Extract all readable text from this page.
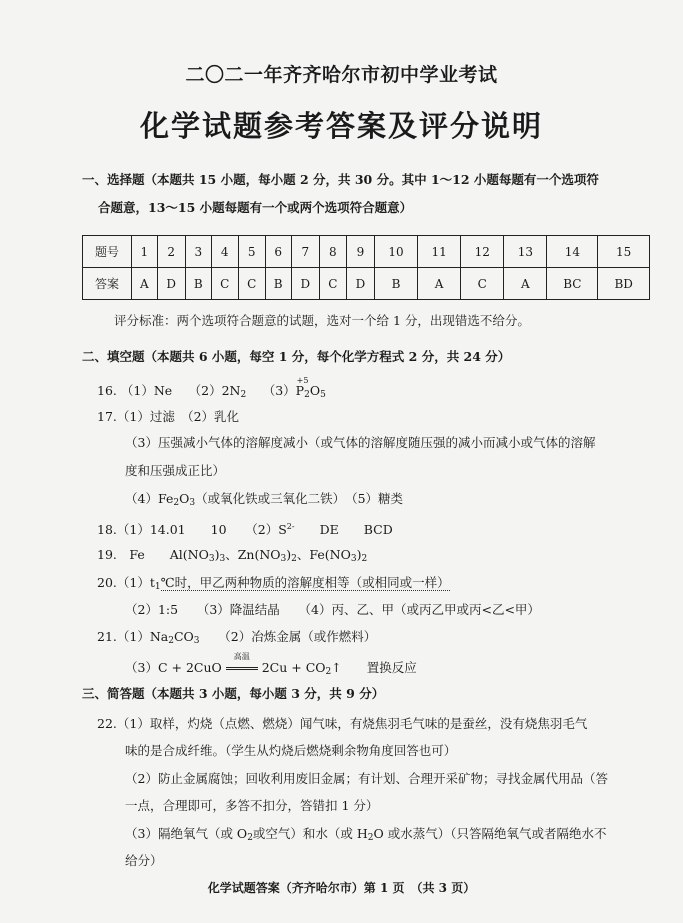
二〇二一年齐齐哈尔市初中学业考试
化学试题参考答案及评分说明
一、选择题（本题共 15 小题，每小题 2 分，共 30 分。其中 1～12 小题每题有一个选项符
合题意，13～15 小题每题有一个或两个选项符合题意）
题号	1	2	3	4	5	6	7	8	9	10	11	12	13	14	15
答案	A	D	B	C	C	B	D	C	D	B	A	C	A	BC	BD
评分标准：两个选项符合题意的试题，选对一个给 1 分，出现错选不给分。
二、填空题（本题共 6 小题，每空 1 分，每个化学方程式 2 分，共 24 分）
16. （1）Ne　 $(2)2N_2$　 （3）
+5
$P_2O_5$
17.（1）过滤　（2）乳化
（3）压强减小气体的溶解度减小（或气体的溶解度随压强的减小而减小或气体的溶解
度和压强成正比）
$(4)Fe_2O_3$（或氧化铁或三氧化二铁）　（5）糖类
18.（1）14.01　　10　　$(2)S^{2-}$　　DE　　BCD
19.　Fe　　$Al(NO_3)_3$、$Zn(NO_3)_2$、$Fe(NO_3)_2$
$20.(1)t_1℃$时，甲乙两种物质的溶解度相等（或相同或一样）
（2）1:5　　（3）降温结晶　　（4）丙、乙、甲（或丙乙甲或丙<乙<甲）
$21.(1)Na_2CO_3$　　（2）冶炼金属（或作燃料）
（3）C + 2CuO
高温
$2Cu + CO_2↑$　　置换反应
三、简答题（本题共 3 小题，每小题 3 分，共 9 分）
22.（1）取样，灼烧（点燃、燃烧）闻气味，有烧焦羽毛气味的是蚕丝，没有烧焦羽毛气
味的是合成纤维。（学生从灼烧后燃烧剩余物角度回答也可）
（2）防止金属腐蚀；回收利用废旧金属；有计划、合理开采矿物；寻找金属代用品（答
一点，合理即可，多答不扣分，答错扣 1 分）
（3）隔绝氧气（或 $O_2$或空气）和水（或 $H_2O$ 或水蒸气）（只答隔绝氧气或者隔绝水不
给分）
化学试题答案（齐齐哈尔市）第 1 页　（共 3 页）
